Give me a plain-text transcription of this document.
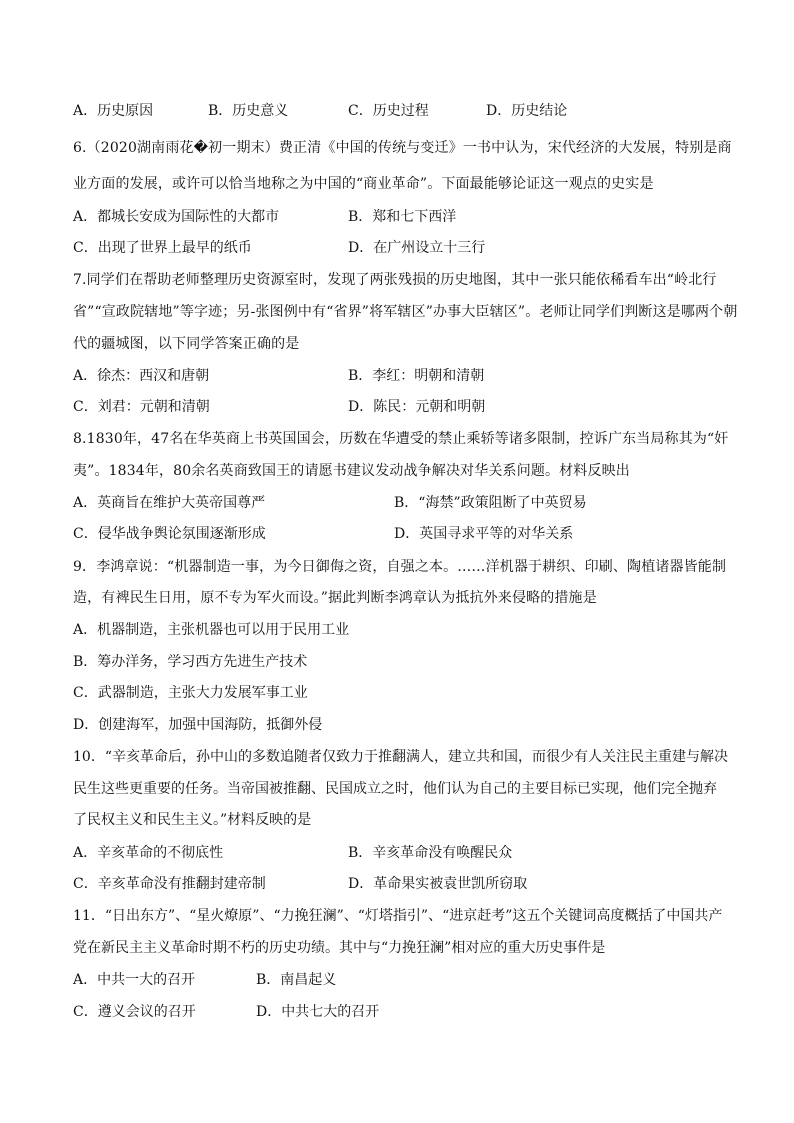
A．历史原因	B．历史意义	C．历史过程	D．历史结论
6.（2020湖南雨花�初一期末）费正清《中国的传统与变迁》一书中认为，宋代经济的大发展，特别是商
业方面的发展，或许可以恰当地称之为中国的“商业革命”。下面最能够论证这一观点的史实是
A．都城长安成为国际性的大都市	B．郑和七下西洋
C．出现了世界上最早的纸币	D．在广州设立十三行
7.同学们在帮助老师整理历史资源室时，发现了两张残损的历史地图，其中一张只能依稀看车出“岭北行
省”“宣政院辖地”等字迹；另-张图例中有“省界”将军辖区”办事大臣辖区”。老师让同学们判断这是哪两个朝
代的疆城图，以下同学答案正确的是
A．徐杰：西汉和唐朝	B．李红：明朝和清朝
C．刘君：元朝和清朝	D．陈民：元朝和明朝
8.1830年，47名在华英商上书英国国会，历数在华遭受的禁止乘轿等诸多限制，控诉广东当局称其为“奸
夷”。1834年，80余名英商致国王的请愿书建议发动战争解决对华关系问题。材料反映出
A．英商旨在维护大英帝国尊严	B．“海禁”政策阻断了中英贸易
C．侵华战争舆论氛围逐渐形成	D．英国寻求平等的对华关系
9．李鸿章说：“机器制造一事，为今日御侮之资，自强之本。……洋机器于耕织、印刷、陶植诸器皆能制
造，有裨民生日用，原不专为军火而设。”据此判断李鸿章认为抵抗外来侵略的措施是
A．机器制造，主张机器也可以用于民用工业
B．筹办洋务，学习西方先进生产技术
C．武器制造，主张大力发展军事工业
D．创建海军，加强中国海防，抵御外侵
10．“辛亥革命后，孙中山的多数追随者仅致力于推翻满人，建立共和国，而很少有人关注民主重建与解决民生这些更重要的任务。当帝国被推翻、民国成立之时，他们认为自己的主要目标已实现，他们完全抛弃了民权主义和民生主义。”材料反映的是
A．辛亥革命的不彻底性	B．辛亥革命没有唤醒民众
C．辛亥革命没有推翻封建帝制	D．革命果实被袁世凯所窃取
11．“日出东方”、“星火燎原”、“力挽狂澜”、“灯塔指引”、“进京赶考”这五个关键词高度概括了中国共产党在新民主主义革命时期不朽的历史功绩。其中与“力挽狂澜”相对应的重大历史事件是
A．中共一大的召开	B．南昌起义
C．遵义会议的召开	D．中共七大的召开
